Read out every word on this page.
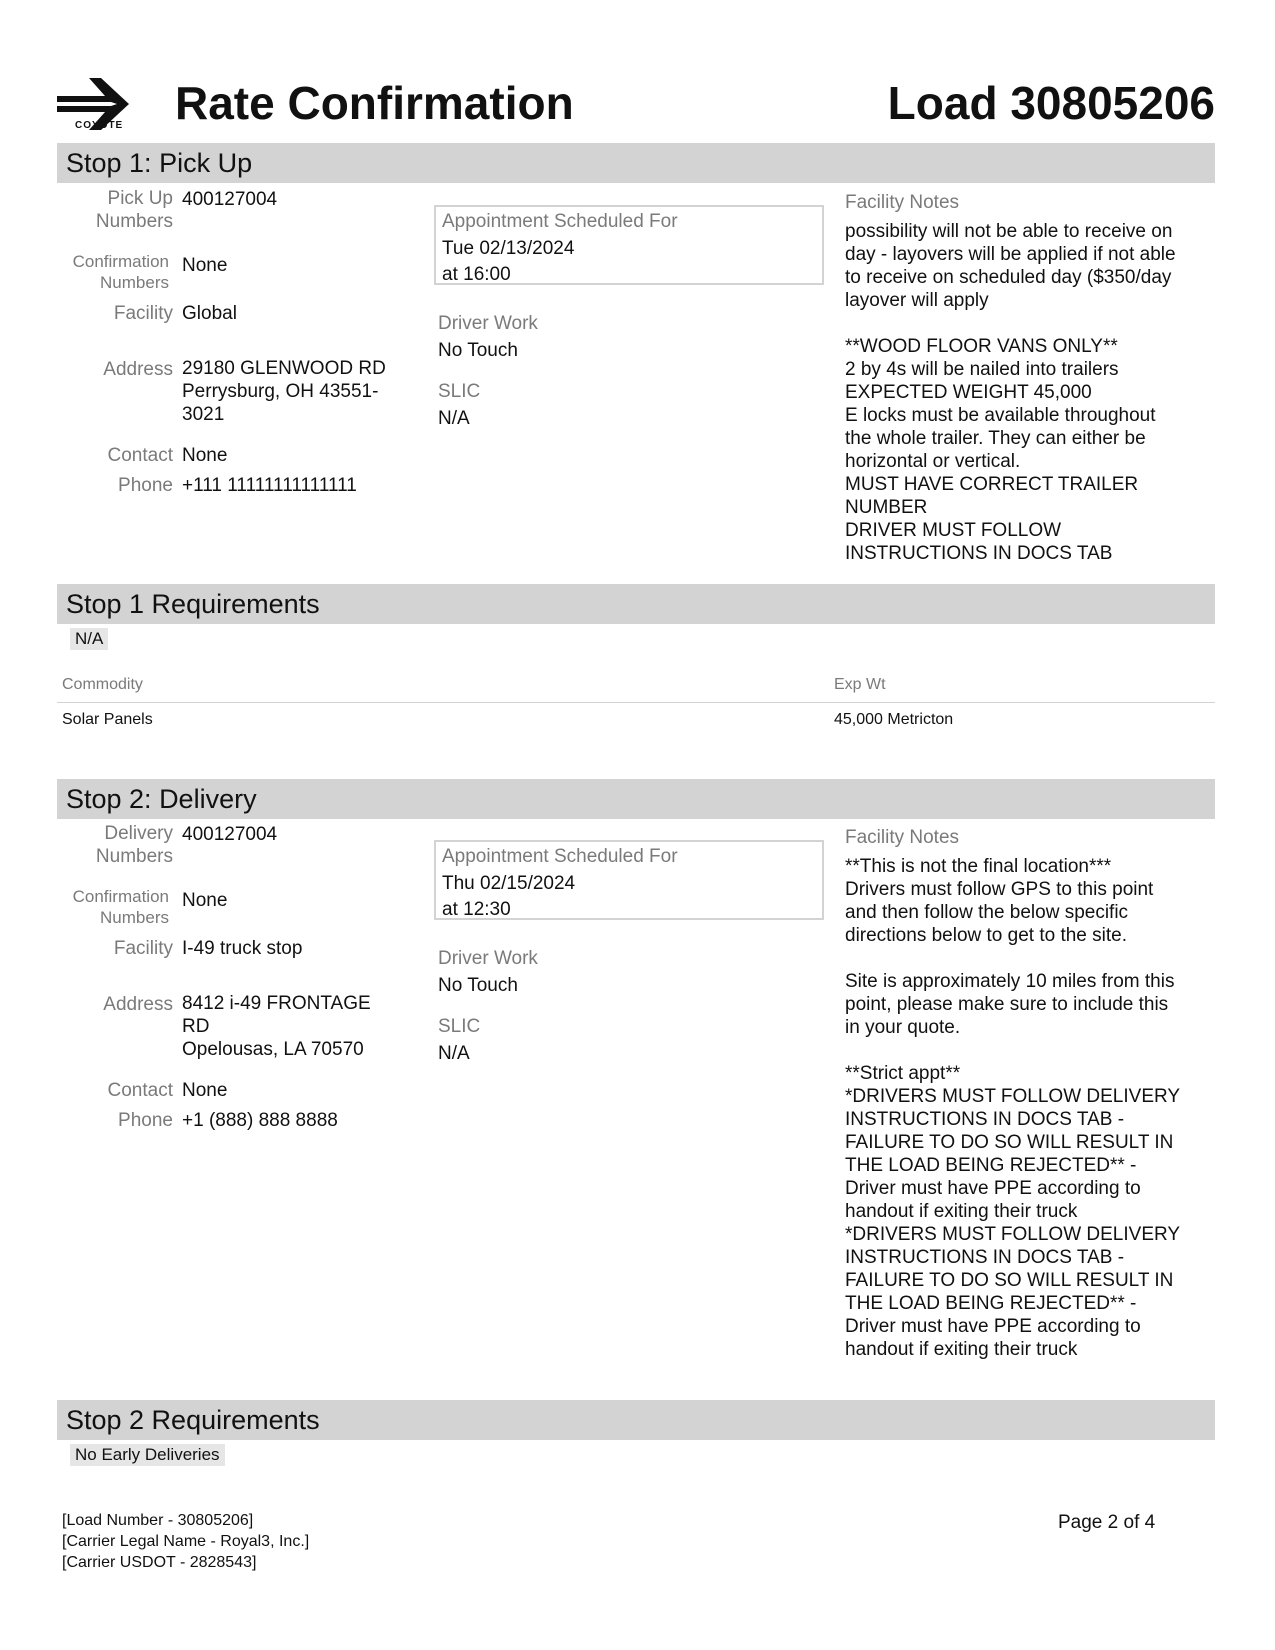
COYOTE Rate Confirmation	Load 30805206
Stop 1: Pick Up
Pick Up
Numbers
400127004
Confirmation
Numbers
None
Facility Global
Address 29180 GLENWOOD RD
Perrysburg, OH 43551-
3021
Contact None
Phone +111 11111111111111
Appointment Scheduled For
Tue 02/13/2024
at 16:00
Driver Work
No Touch
SLIC
N/A
Facility Notes
possibility will not be able to receive on
day - layovers will be applied if not able
to receive on scheduled day ($350/day
layover will apply

**WOOD FLOOR VANS ONLY**
2 by 4s will be nailed into trailers
EXPECTED WEIGHT 45,000
E locks must be available throughout
the whole trailer. They can either be
horizontal or vertical.
MUST HAVE CORRECT TRAILER
NUMBER
DRIVER MUST FOLLOW
INSTRUCTIONS IN DOCS TAB
Stop 1 Requirements
N/A
Commodity	Exp Wt
Solar Panels	45,000 Metricton
Stop 2: Delivery
Delivery
Numbers
400127004
Confirmation
Numbers
None
Facility I-49 truck stop
Address 8412 i-49 FRONTAGE
RD
Opelousas, LA 70570
Contact None
Phone +1 (888) 888 8888
Appointment Scheduled For
Thu 02/15/2024
at 12:30
Driver Work
No Touch
SLIC
N/A
Facility Notes
**This is not the final location***
Drivers must follow GPS to this point
and then follow the below specific
directions below to get to the site.

Site is approximately 10 miles from this
point, please make sure to include this
in your quote.

**Strict appt**
*DRIVERS MUST FOLLOW DELIVERY
INSTRUCTIONS IN DOCS TAB -
FAILURE TO DO SO WILL RESULT IN
THE LOAD BEING REJECTED** -
Driver must have PPE according to
handout if exiting their truck
*DRIVERS MUST FOLLOW DELIVERY
INSTRUCTIONS IN DOCS TAB -
FAILURE TO DO SO WILL RESULT IN
THE LOAD BEING REJECTED** -
Driver must have PPE according to
handout if exiting their truck
Stop 2 Requirements
No Early Deliveries
[Load Number - 30805206]
[Carrier Legal Name - Royal3, Inc.]
[Carrier USDOT - 2828543]
Page 2 of 4
